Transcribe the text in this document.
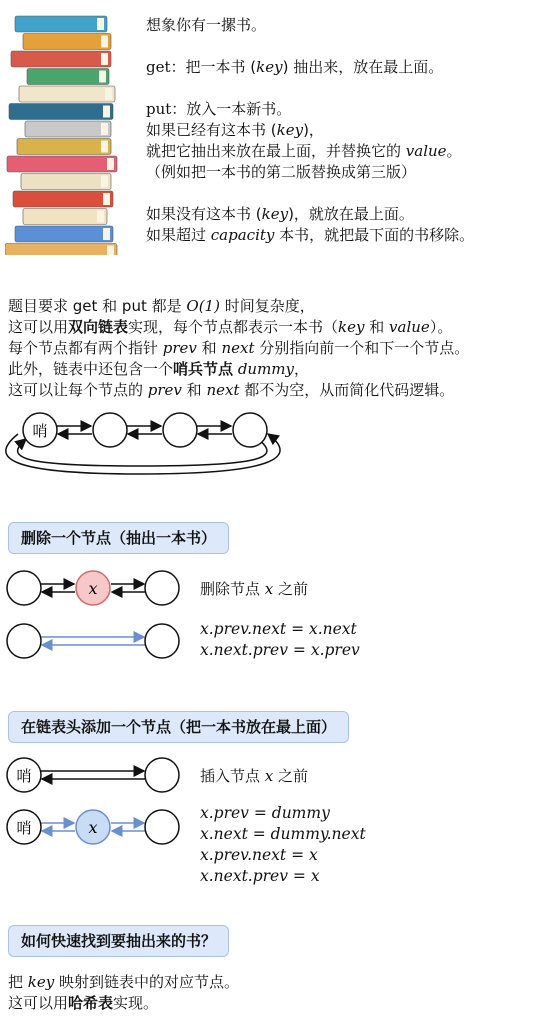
想象你有一摞书。
get：把一本书 (key) 抽出来，放在最上面。
put：放入一本新书。
如果已经有这本书 (key)，
就把它抽出来放在最上面，并替换它的 value。
（例如把一本书的第二版替换成第三版）
如果没有这本书 (key)，就放在最上面。
如果超过 capacity 本书，就把最下面的书移除。
题目要求 get 和 put 都是 O(1) 时间复杂度，
这可以用双向链表实现，每个节点都表示一本书（key 和 value）。
每个节点都有两个指针 prev 和 next 分别指向前一个和下一个节点。
此外，链表中还包含一个哨兵节点 dummy，
这可以让每个节点的 prev 和 next 都不为空，从而简化代码逻辑。
哨
删除一个节点（抽出一本书）
x	删除节点 x 之前
x.prev.next = x.next
x.next.prev = x.prev
在链表头添加一个节点（把一本书放在最上面）
哨	插入节点 x 之前
哨	x
x.prev = dummy
x.next = dummy.next
x.prev.next = x
x.next.prev = x
如何快速找到要抽出来的书？
把 key 映射到链表中的对应节点。
这可以用哈希表实现。
